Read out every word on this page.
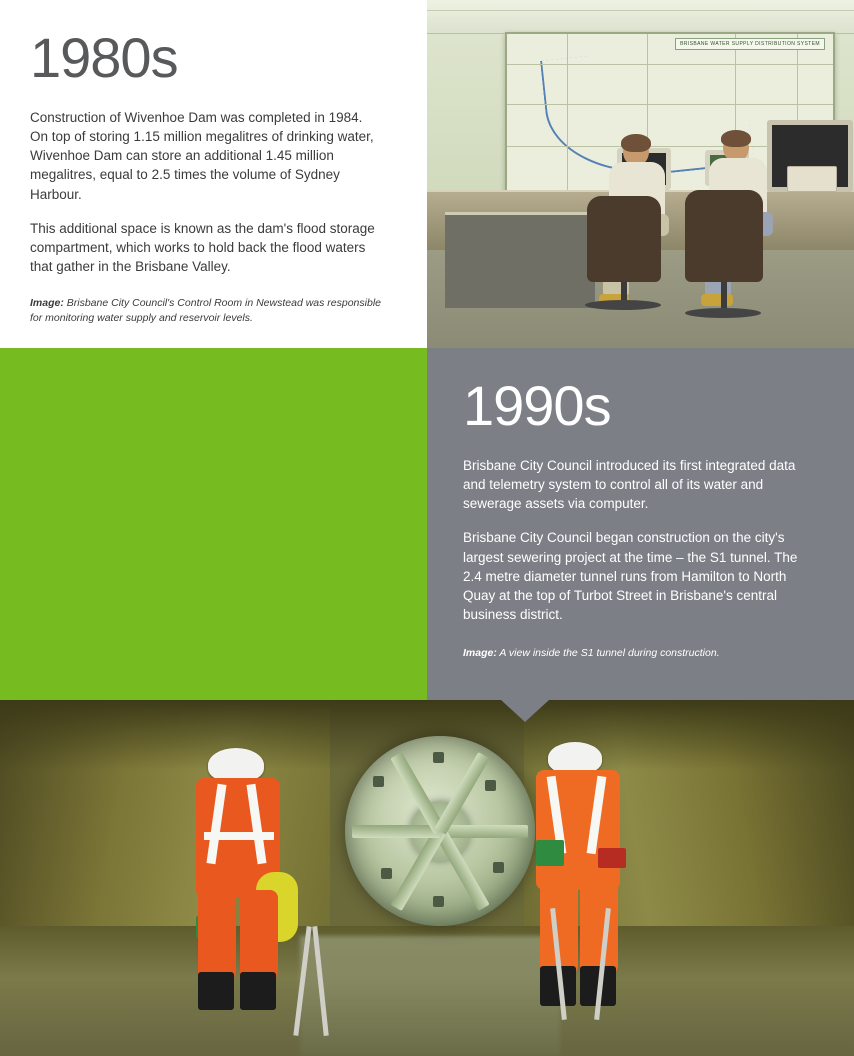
1980s

Construction of Wivenhoe Dam was completed in 1984. On top of storing 1.15 million megalitres of drinking water, Wivenhoe Dam can store an additional 1.45 million megalitres, equal to 2.5 times the volume of Sydney Harbour.

This additional space is known as the dam's flood storage compartment, which works to hold back the flood waters that gather in the Brisbane Valley.

Image: Brisbane City Council's Control Room in Newstead was responsible for monitoring water supply and reservoir levels.

BRISBANE WATER SUPPLY DISTRIBUTION SYSTEM
1990s

Brisbane City Council introduced its first integrated data and telemetry system to control all of its water and sewerage assets via computer.

Brisbane City Council began construction on the city's largest sewering project at the time – the S1 tunnel. The 2.4 metre diameter tunnel runs from Hamilton to North Quay at the top of Turbot Street in Brisbane's central business district.

Image: A view inside the S1 tunnel during construction.
